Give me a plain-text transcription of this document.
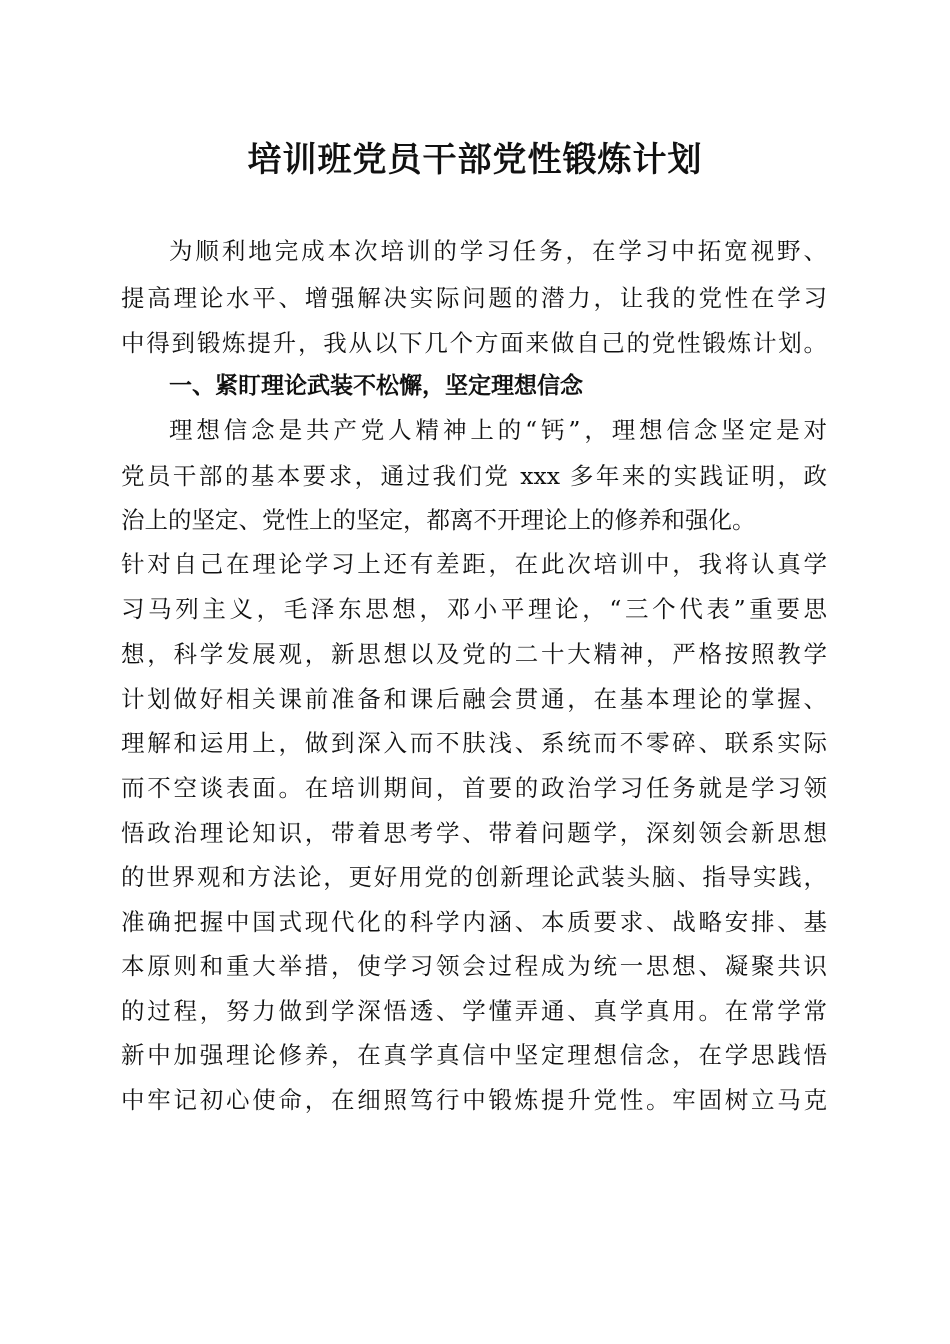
培训班党员干部党性锻炼计划
为顺利地完成本次培训的学习任务，在学习中拓宽视野、
提高理论水平、增强解决实际问题的潜力，让我的党性在学习
中得到锻炼提升，我从以下几个方面来做自己的党性锻炼计划。
一、紧盯理论武装不松懈，坚定理想信念
理想信念是共产党人精神上的“钙”，理想信念坚定是对
党员干部的基本要求，通过我们党 xxx 多年来的实践证明，政
治上的坚定、党性上的坚定，都离不开理论上的修养和强化。
针对自己在理论学习上还有差距，在此次培训中，我将认真学
习马列主义，毛泽东思想，邓小平理论，“三个代表”重要思
想，科学发展观，新思想以及党的二十大精神，严格按照教学
计划做好相关课前准备和课后融会贯通，在基本理论的掌握、
理解和运用上，做到深入而不肤浅、系统而不零碎、联系实际
而不空谈表面。在培训期间，首要的政治学习任务就是学习领
悟政治理论知识，带着思考学、带着问题学，深刻领会新思想
的世界观和方法论，更好用党的创新理论武装头脑、指导实践，
准确把握中国式现代化的科学内涵、本质要求、战略安排、基
本原则和重大举措，使学习领会过程成为统一思想、凝聚共识
的过程，努力做到学深悟透、学懂弄通、真学真用。在常学常
新中加强理论修养，在真学真信中坚定理想信念，在学思践悟
中牢记初心使命，在细照笃行中锻炼提升党性。牢固树立马克
